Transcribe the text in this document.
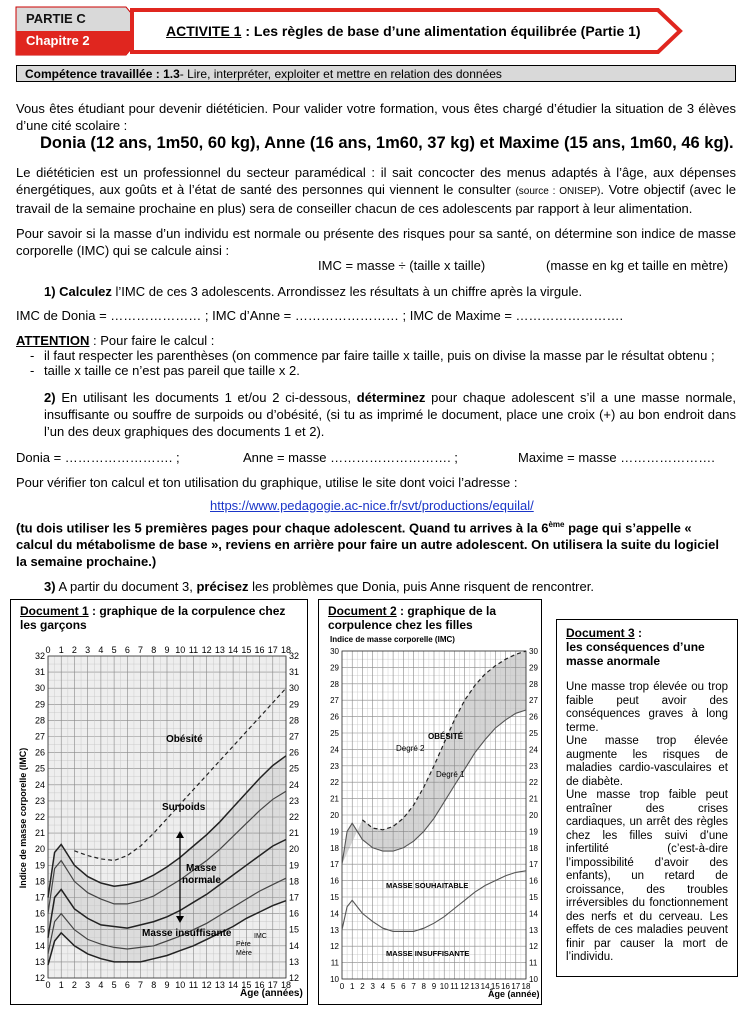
PARTIE C
Chapitre 2
ACTIVITE 1 : Les règles de base d’une alimentation équilibrée (Partie 1)
Compétence travaillée : 1.3- Lire, interpréter, exploiter et mettre en relation des données
Vous êtes étudiant pour devenir diététicien. Pour valider votre formation, vous êtes chargé d’étudier la situation de 3 élèves d’une cité scolaire :
Donia (12 ans, 1m50, 60 kg), Anne (16 ans, 1m60, 37 kg) et Maxime (15 ans, 1m60, 46 kg).
Le diététicien est un professionnel du secteur paramédical : il sait concocter des menus adaptés à l’âge, aux dépenses énergétiques, aux goûts et à l’état de santé des personnes qui viennent le consulter (source : ONISEP). Votre objectif (avec le travail de la semaine prochaine en plus) sera de conseiller chacun de ces adolescents par rapport à leur alimentation.
Pour savoir si la masse d’un individu est normale ou présente des risques pour sa santé, on détermine son indice de masse corporelle (IMC) qui se calcule ainsi :
IMC = masse ÷ (taille x taille)	(masse en kg et taille en mètre)
1) Calculez l’IMC de ces 3 adolescents. Arrondissez les résultats à un chiffre après la virgule.
IMC de Donia = ………………… ; IMC d’Anne = …………………… ; IMC de Maxime = …………………….
ATTENTION : Pour faire le calcul :
- il faut respecter les parenthèses (on commence par faire taille x taille, puis on divise la masse par le résultat obtenu ;
- taille x taille ce n’est pas pareil que taille x 2.
2) En utilisant les documents 1 et/ou 2 ci-dessous, déterminez pour chaque adolescent s’il a une masse normale, insuffisante ou souffre de surpoids ou d’obésité, (si tu as imprimé le document, place une croix (+) au bon endroit dans l’un des deux graphiques des documents 1 et 2).
Donia = ……………………. ;	Anne = masse ………………………. ;	Maxime = masse ………………….
Pour vérifier ton calcul et ton utilisation du graphique, utilise le site dont voici l’adresse :
https://www.pedagogie.ac-nice.fr/svt/productions/equilal/
(tu dois utiliser les 5 premières pages pour chaque adolescent. Quand tu arrives à la 6ème page qui s’appelle « calcul du métabolisme de base », reviens en arrière pour faire un autre adolescent. On utilisera la suite du logiciel la semaine prochaine.)
3) A partir du document 3, précisez les problèmes que Donia, puis Anne risquent de rencontrer.
Document 1 : graphique de la corpulence chez les garçons
12	12
13	13
14	14
15	15
16	16
17	17
18	18
19	19
20	20
21	21
22	22
23	23
24	24
25	25
26	26
27	27
28	28
29	29
30	30
31	31
32	32
0
0
1
1
2
2
3
3
4
4
5
5
6
6
7
7
8
8
9
9
10
10
11
11
12
12
13
13
14
14
15
15
16
16
17
17
18
18
Obésité
Surpoids
Masse
normale
Masse insuffisante	IMC
Père
Mère
Indice de masse corporelle (IMC)
Âge (années)
Document 2 : graphique de la corpulence chez les filles
10	10
11	11
12	12
13	13
14	14
15	15
16	16
17	17
18	18
19	19
20	20
21	21
22	22
23	23
24	24
25	25
26	26
27	27
28	28
29	29
30	30
0 1 2 3 4 5 6 7 8 9 10 11 12 13 14 15 16 17 18
Indice de masse corporelle (IMC)
OBÉSITÉ
Degré 2
Degré 1
MASSE SOUHAITABLE
MASSE INSUFFISANTE
Âge (année)
Document 3 :
les conséquences d’une masse anormale
Une masse trop élevée ou trop faible peut avoir des conséquences graves à long terme.
Une masse trop élevée augmente les risques de maladies cardio-vasculaires et de diabète.
Une masse trop faible peut entraîner des crises cardiaques, un arrêt des règles chez les filles suivi d’une infertilité (c’est-à-dire l’impossibilité d’avoir des enfants), un retard de croissance, des troubles irréversibles du fonctionnement des nerfs et du cerveau. Les effets de ces maladies peuvent finir par causer la mort de l’individu.
